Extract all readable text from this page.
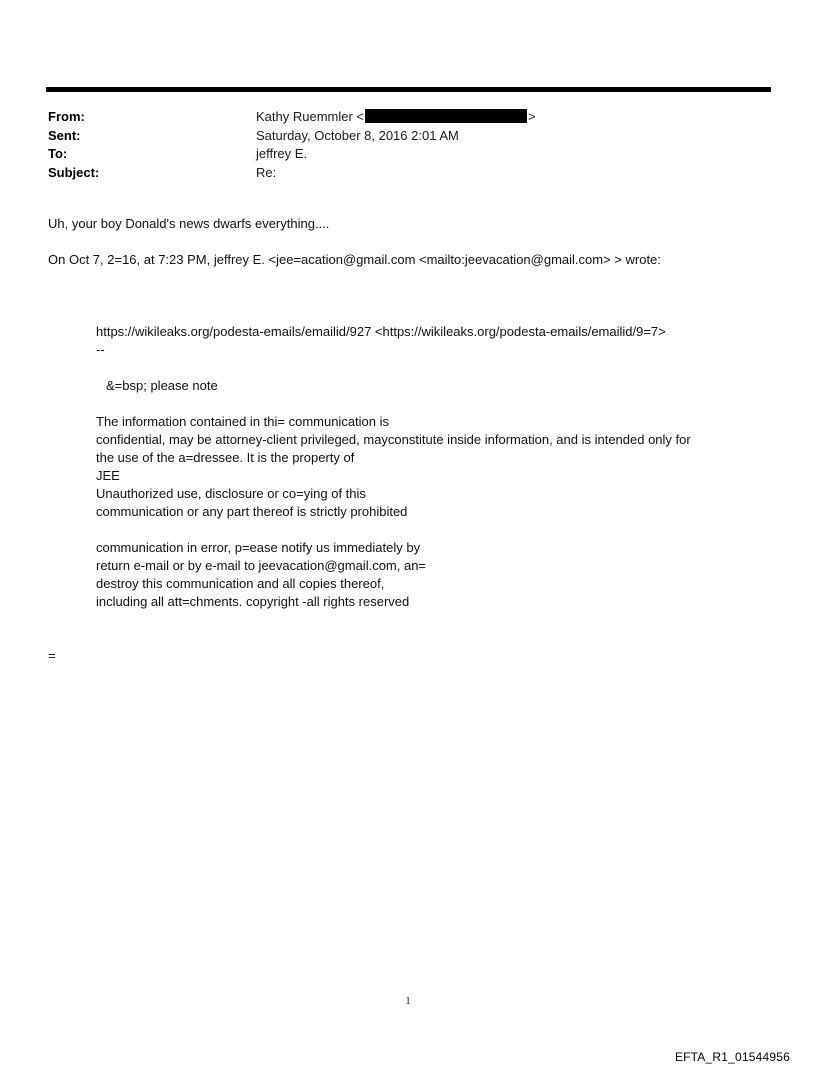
From:	Kathy Ruemmler <	>
Sent:	Saturday, October 8, 2016 2:01 AM
To:	jeffrey E.
Subject:	Re:
Uh, your boy Donald's news dwarfs everything....
On Oct 7, 2=16, at 7:23 PM, jeffrey E. <jee=acation@gmail.com <mailto:jeevacation@gmail.com> > wrote:
https://wikileaks.org/podesta-emails/emailid/927 <https://wikileaks.org/podesta-emails/emailid/9=7>
--
&=bsp; please note
The information contained in thi= communication is
confidential, may be attorney-client privileged, mayconstitute inside information, and is intended only for
the use of the a=dressee. It is the property of
JEE
Unauthorized use, disclosure or co=ying of this
communication or any part thereof is strictly prohibited
communication in error, p=ease notify us immediately by
return e-mail or by e-mail to jeevacation@gmail.com, an=
destroy this communication and all copies thereof,
including all att=chments. copyright -all rights reserved
=
1
EFTA_R1_01544956
